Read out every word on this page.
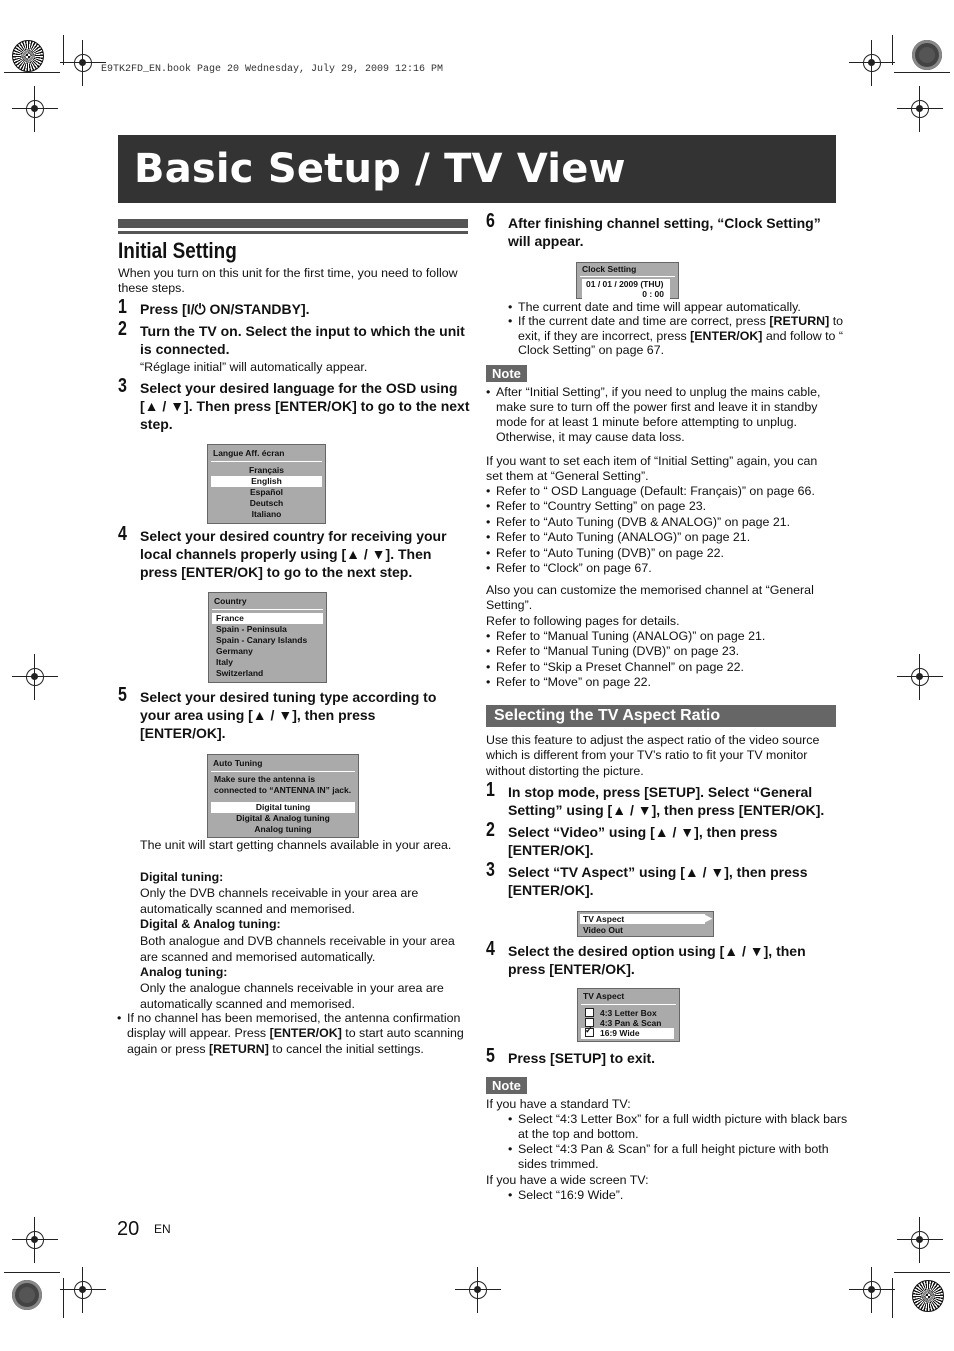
E9TK2FD_EN.book Page 20 Wednesday, July 29, 2009 12:16 PM
Basic Setup / TV View
Initial Setting
When you turn on this unit for the first time, you need to follow these steps.
1 Press [I/⏻ ON/STANDBY].
2 Turn the TV on. Select the input to which the unit is connected.
“Réglage initial” will automatically appear.
3 Select your desired language for the OSD using [▲ / ▼]. Then press [ENTER/OK] to go to the next step.
Langue Aff. écran
Français
English
Español
Deutsch
Italiano
4 Select your desired country for receiving your local channels properly using [▲ / ▼]. Then press [ENTER/OK] to go to the next step.
Country
France
Spain - Peninsula
Spain - Canary Islands
Germany
Italy
Switzerland
5 Select your desired tuning type according to your area using [▲ / ▼], then press [ENTER/OK].
Auto Tuning
Make sure the antenna is
connected to “ANTENNA IN” jack.
Digital tuning
Digital & Analog tuning
Analog tuning
The unit will start getting channels available in your area.
Digital tuning:
Only the DVB channels receivable in your area are automatically scanned and memorised.
Digital & Analog tuning:
Both analogue and DVB channels receivable in your area are scanned and memorised automatically.
Analog tuning:
Only the analogue channels receivable in your area are automatically scanned and memorised.
• If no channel has been memorised, the antenna confirmation display will appear. Press [ENTER/OK] to start auto scanning again or press [RETURN] to cancel the initial settings.
6 After finishing channel setting, “Clock Setting” will appear.
Clock Setting
01 / 01 / 2009 (THU)
0 : 00
• The current date and time will appear automatically.
• If the current date and time are correct, press [RETURN] to exit, if they are incorrect, press [ENTER/OK] and follow to “ Clock Setting” on page 67.
Note
• After “Initial Setting”, if you need to unplug the mains cable, make sure to turn off the power first and leave it in standby mode for at least 1 minute before attempting to unplug. Otherwise, it may cause data loss.
If you want to set each item of “Initial Setting” again, you can set them at “General Setting”.
• Refer to “ OSD Language (Default: Français)” on page 66.
• Refer to “Country Setting” on page 23.
• Refer to “Auto Tuning (DVB & ANALOG)” on page 21.
• Refer to “Auto Tuning (ANALOG)” on page 21.
• Refer to “Auto Tuning (DVB)” on page 22.
• Refer to “Clock” on page 67.
Also you can customize the memorised channel at “General Setting”.
Refer to following pages for details.
• Refer to “Manual Tuning (ANALOG)” on page 21.
• Refer to “Manual Tuning (DVB)” on page 23.
• Refer to “Skip a Preset Channel” on page 22.
• Refer to “Move” on page 22.
Selecting the TV Aspect Ratio
Use this feature to adjust the aspect ratio of the video source which is different from your TV’s ratio to fit your TV monitor without distorting the picture.
1 In stop mode, press [SETUP]. Select “General Setting” using [▲ / ▼], then press [ENTER/OK].
2 Select “Video” using [▲ / ▼], then press [ENTER/OK].
3 Select “TV Aspect” using [▲ / ▼], then press [ENTER/OK].
TV Aspect	▶
Video Out
4 Select the desired option using [▲ / ▼], then press [ENTER/OK].
TV Aspect
4:3 Letter Box
4:3 Pan & Scan
✓16:9 Wide
5 Press [SETUP] to exit.
Note
If you have a standard TV:
• Select “4:3 Letter Box” for a full width picture with black bars at the top and bottom.
• Select “4:3 Pan & Scan” for a full height picture with both sides trimmed.
If you have a wide screen TV:
• Select “16:9 Wide”.
20 EN
